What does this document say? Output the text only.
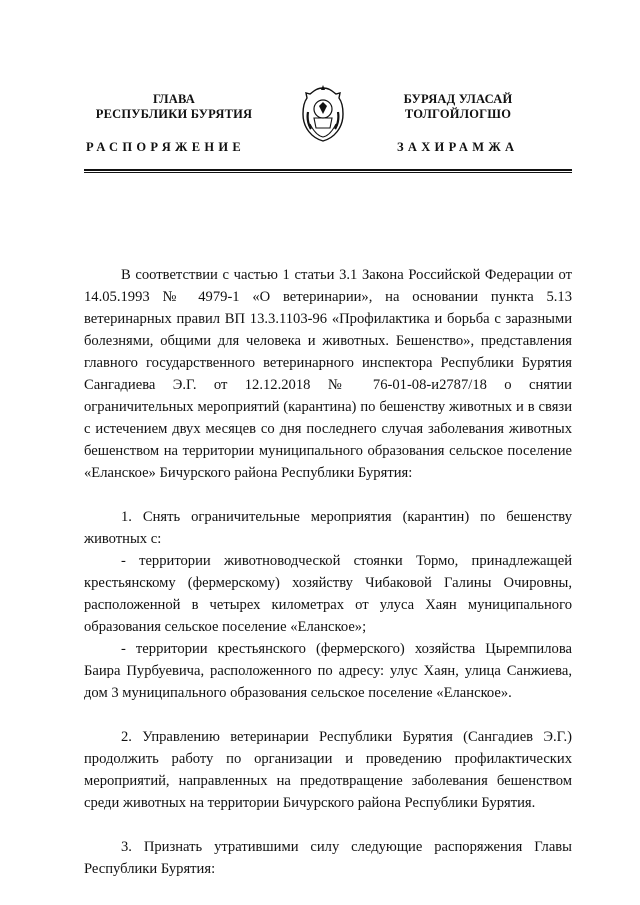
ГЛАВА
РЕСПУБЛИКИ БУРЯТИЯ
БУРЯАД УЛАСАЙ
ТОЛГОЙЛОГШО
РАСПОРЯЖЕНИЕ	ЗАХИРАМЖА

В соответствии с частью 1 статьи 3.1 Закона Российской Федерации от 14.05.1993 № 4979-1 «О ветеринарии», на основании пункта 5.13 ветеринарных правил ВП 13.3.1103-96 «Профилактика и борьба с заразными болезнями, общими для человека и животных. Бешенство», представления главного государственного ветеринарного инспектора Республики Бурятия Сангадиева Э.Г. от 12.12.2018 № 76-01-08-и2787/18 о снятии ограничительных мероприятий (карантина) по бешенству животных и в связи с истечением двух месяцев со дня последнего случая заболевания животных бешенством на территории муниципального образования сельское поселение «Еланское» Бичурского района Республики Бурятия:

1. Снять ограничительные мероприятия (карантин) по бешенству животных с:

- территории животноводческой стоянки Тормо, принадлежащей крестьянскому (фермерскому) хозяйству Чибаковой Галины Очировны, расположенной в четырех километрах от улуса Хаян муниципального образования сельское поселение «Еланское»;

- территории крестьянского (фермерского) хозяйства Цыремпилова Баира Пурбуевича, расположенного по адресу: улус Хаян, улица Санжиева, дом 3 муниципального образования сельское поселение «Еланское».

2. Управлению ветеринарии Республики Бурятия (Сангадиев Э.Г.) продолжить работу по организации и проведению профилактических мероприятий, направленных на предотвращение заболевания бешенством среди животных на территории Бичурского района Республики Бурятия.

3. Признать утратившими силу следующие распоряжения Главы Республики Бурятия:
